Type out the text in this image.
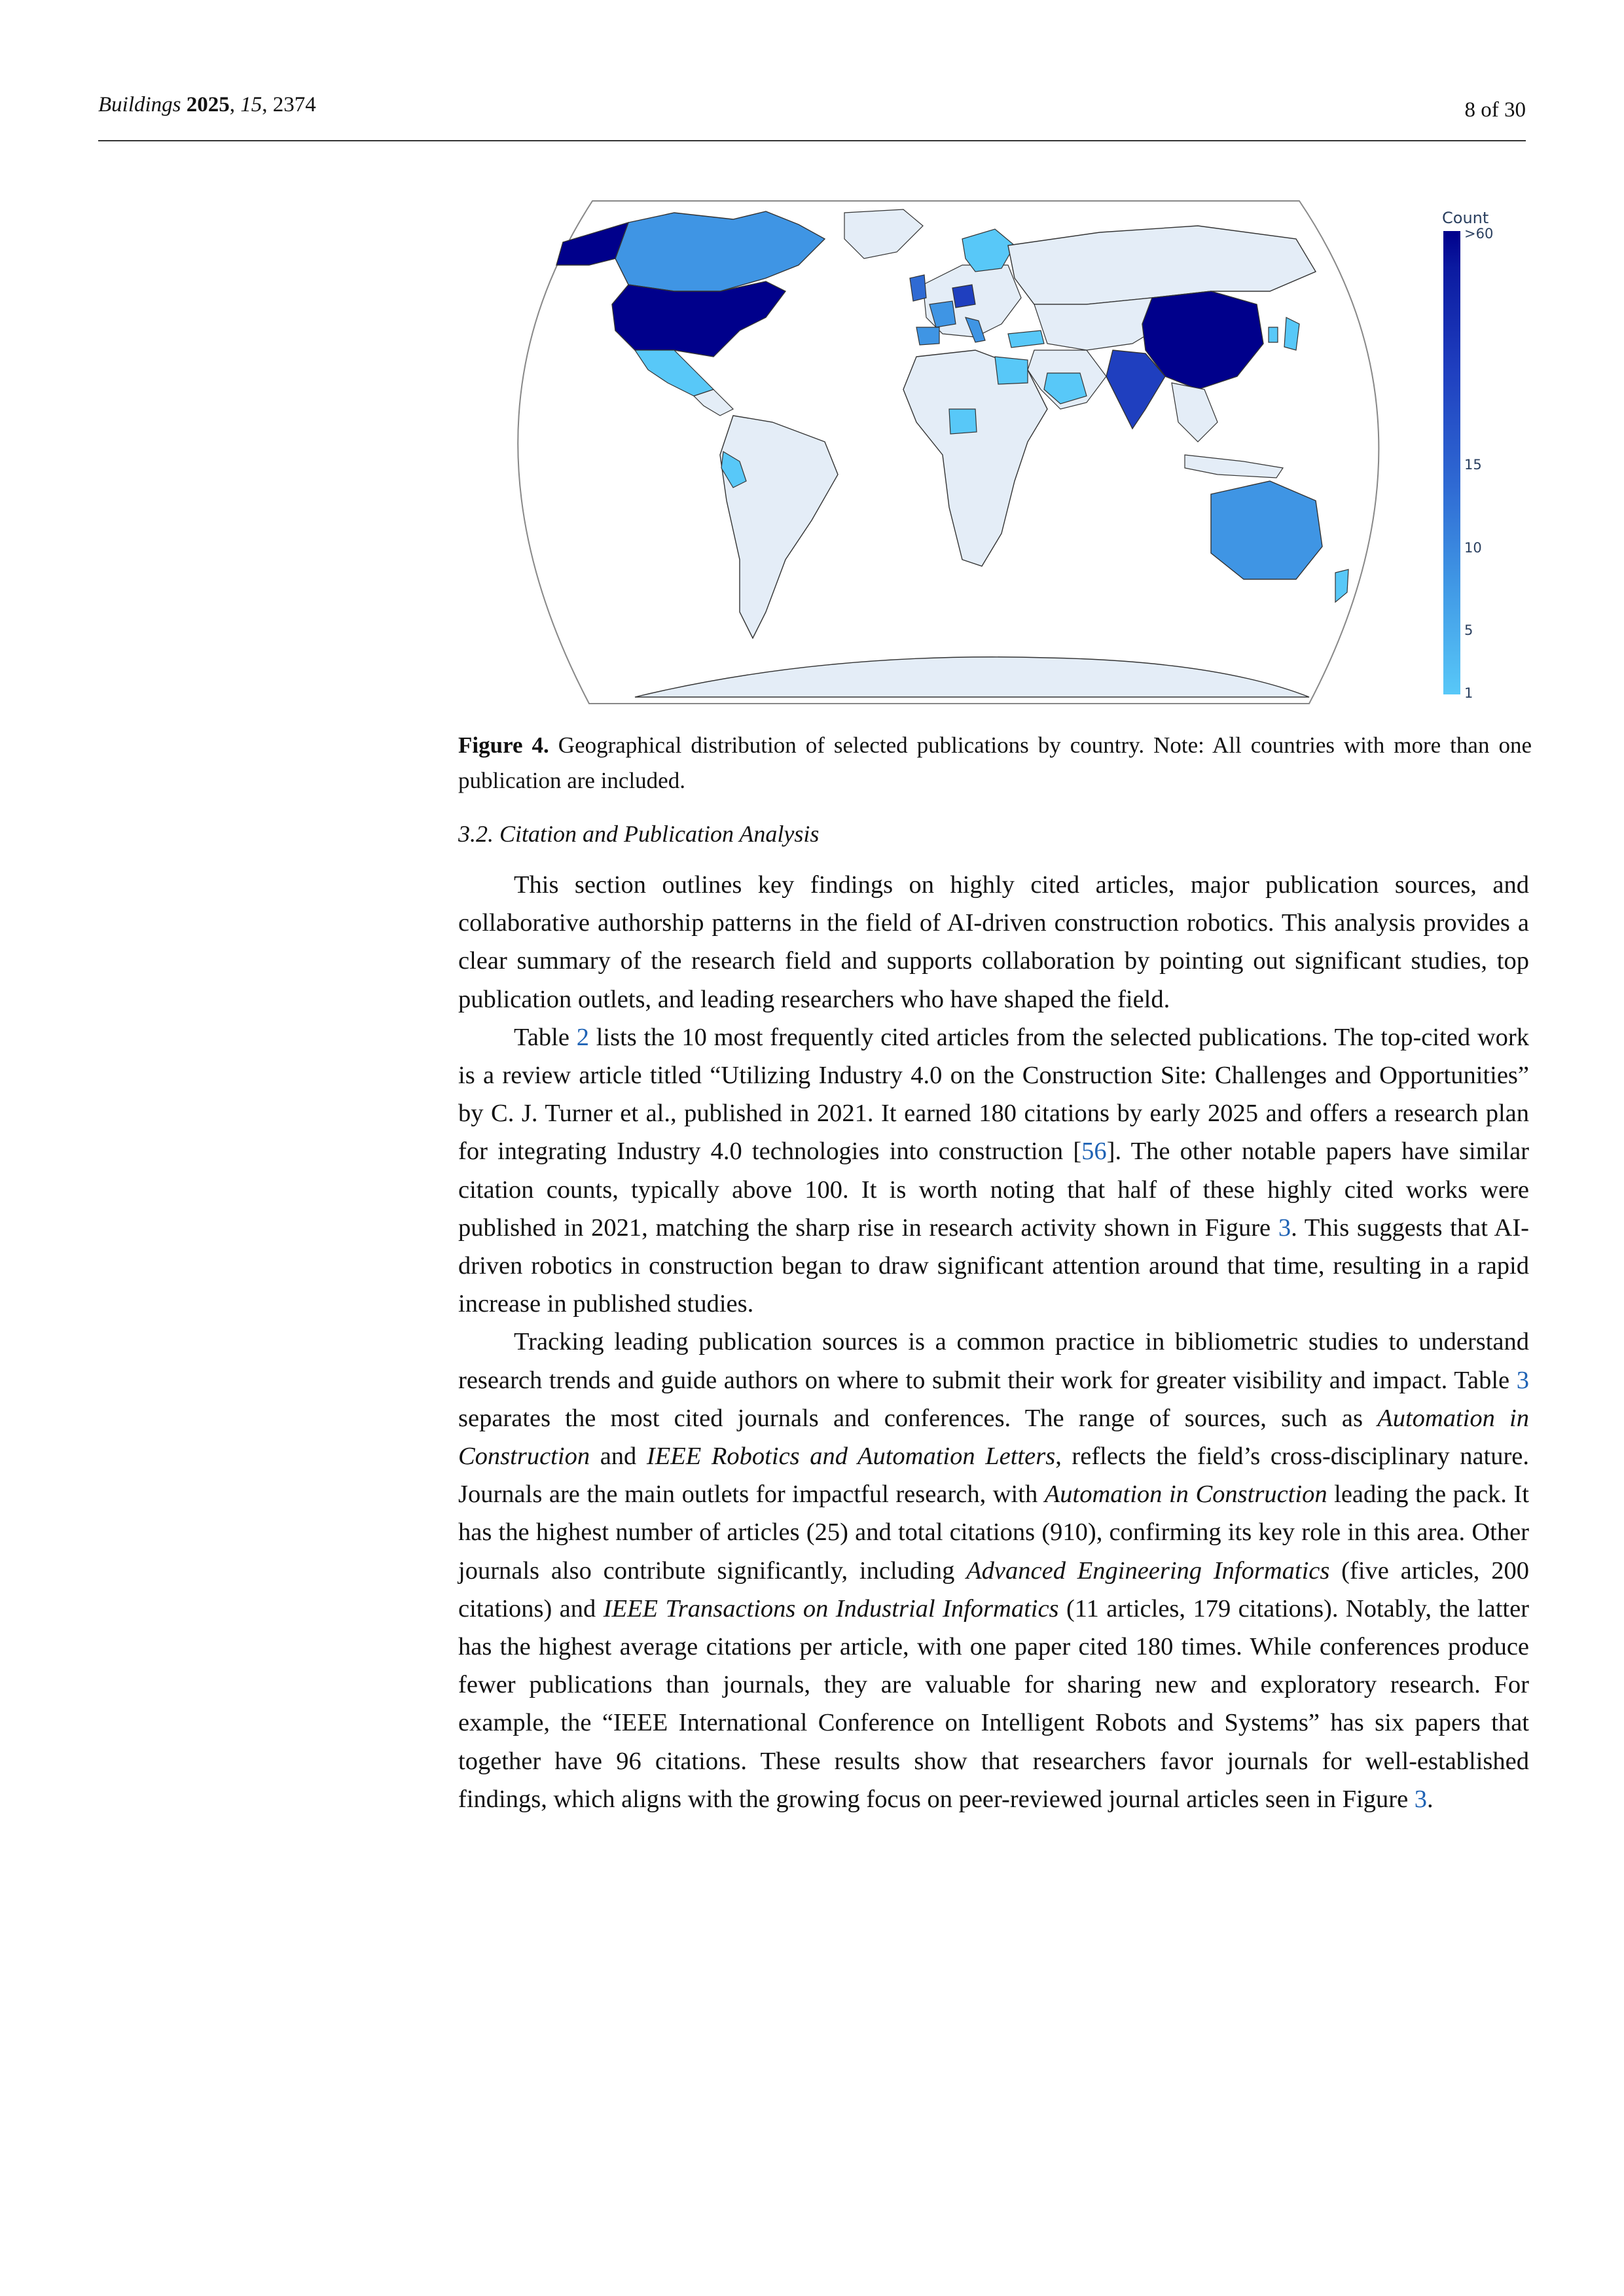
Buildings 2025, 15, 2374	8 of 30
Count
>60
15
10
5
1
Figure 4. Geographical distribution of selected publications by country. Note: All countries with more than one publication are included.
3.2. Citation and Publication Analysis

This section outlines key findings on highly cited articles, major publication sources, and collaborative authorship patterns in the field of AI-driven construction robotics. This analysis provides a clear summary of the research field and supports collaboration by pointing out significant studies, top publication outlets, and leading researchers who have shaped the field.

Table 2 lists the 10 most frequently cited articles from the selected publications. The top-cited work is a review article titled “Utilizing Industry 4.0 on the Construction Site: Challenges and Opportunities” by C. J. Turner et al., published in 2021. It earned 180 citations by early 2025 and offers a research plan for integrating Industry 4.0 technologies into construction [56]. The other notable papers have similar citation counts, typically above 100. It is worth noting that half of these highly cited works were published in 2021, matching the sharp rise in research activity shown in Figure 3. This suggests that AI-driven robotics in construction began to draw significant attention around that time, resulting in a rapid increase in published studies.

Tracking leading publication sources is a common practice in bibliometric studies to understand research trends and guide authors on where to submit their work for greater visibility and impact. Table 3 separates the most cited journals and conferences. The range of sources, such as Automation in Construction and IEEE Robotics and Automation Letters, reflects the field’s cross-disciplinary nature. Journals are the main outlets for impactful research, with Automation in Construction leading the pack. It has the highest number of articles (25) and total citations (910), confirming its key role in this area. Other journals also contribute significantly, including Advanced Engineering Informatics (five articles, 200 citations) and IEEE Transactions on Industrial Informatics (11 articles, 179 citations). Notably, the latter has the highest average citations per article, with one paper cited 180 times. While conferences produce fewer publications than journals, they are valuable for sharing new and exploratory research. For example, the “IEEE International Conference on Intelligent Robots and Systems” has six papers that together have 96 citations. These results show that researchers favor journals for well-established findings, which aligns with the growing focus on peer-reviewed journal articles seen in Figure 3.
